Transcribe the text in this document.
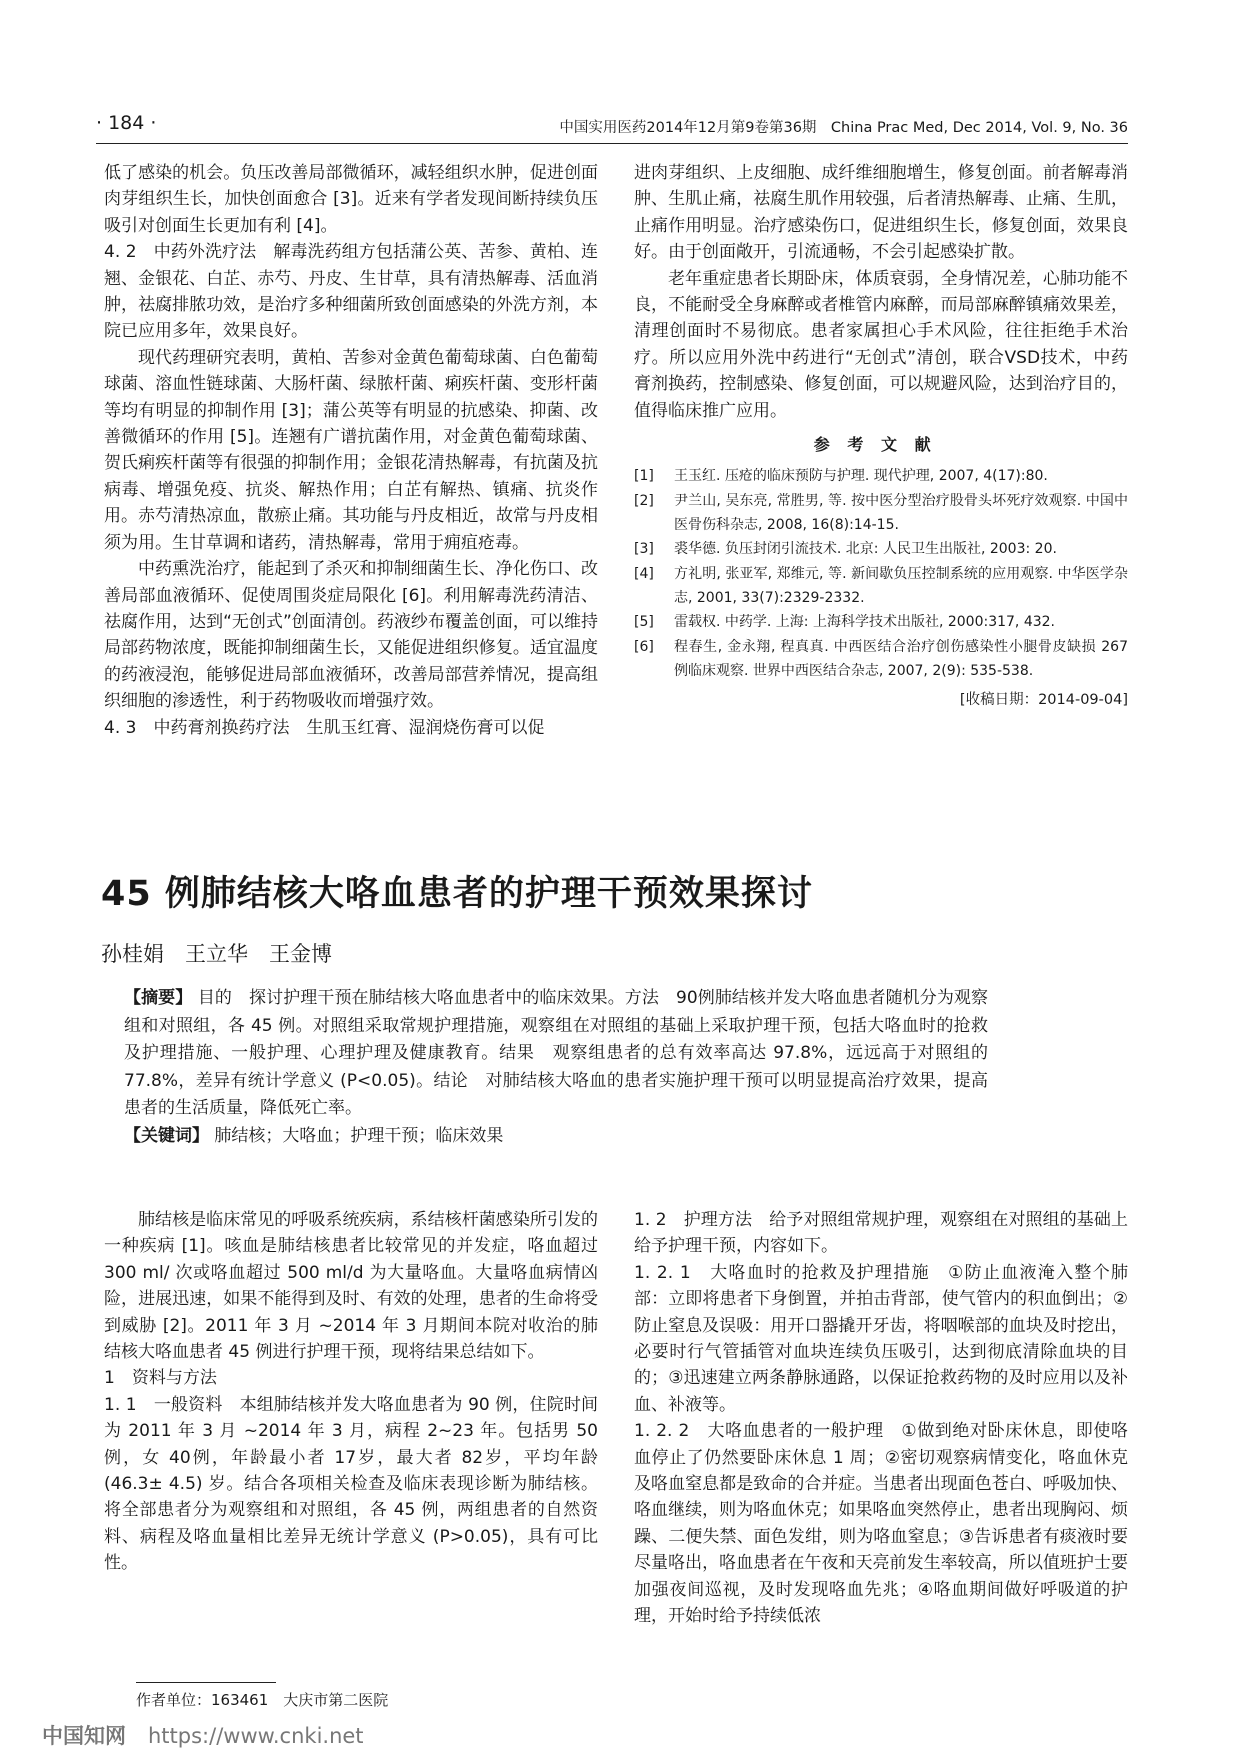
· 184 ·	中国实用医药2014年12月第9卷第36期　China Prac Med, Dec 2014, Vol. 9, No. 36

低了感染的机会。负压改善局部微循环，减轻组织水肿，促进创面肉芽组织生长，加快创面愈合 [3]。近来有学者发现间断持续负压吸引对创面生长更加有利 [4]。

4. 2　中药外洗疗法　解毒洗药组方包括蒲公英、苦参、黄柏、连翘、金银花、白芷、赤芍、丹皮、生甘草，具有清热解毒、活血消肿，祛腐排脓功效，是治疗多种细菌所致创面感染的外洗方剂，本院已应用多年，效果良好。

现代药理研究表明，黄柏、苦参对金黄色葡萄球菌、白色葡萄球菌、溶血性链球菌、大肠杆菌、绿脓杆菌、痢疾杆菌、变形杆菌等均有明显的抑制作用 [3]；蒲公英等有明显的抗感染、抑菌、改善微循环的作用 [5]。连翘有广谱抗菌作用，对金黄色葡萄球菌、贺氏痢疾杆菌等有很强的抑制作用；金银花清热解毒，有抗菌及抗病毒、增强免疫、抗炎、解热作用；白芷有解热、镇痛、抗炎作用。赤芍清热凉血，散瘀止痛。其功能与丹皮相近，故常与丹皮相须为用。生甘草调和诸药，清热解毒，常用于痈疽疮毒。

中药熏洗治疗，能起到了杀灭和抑制细菌生长、净化伤口、改善局部血液循环、促使周围炎症局限化 [6]。利用解毒洗药清洁、祛腐作用，达到“无创式”创面清创。药液纱布覆盖创面，可以维持局部药物浓度，既能抑制细菌生长，又能促进组织修复。适宜温度的药液浸泡，能够促进局部血液循环，改善局部营养情况，提高组织细胞的渗透性，利于药物吸收而增强疗效。

4. 3　中药膏剂换药疗法　生肌玉红膏、湿润烧伤膏可以促

进肉芽组织、上皮细胞、成纤维细胞增生，修复创面。前者解毒消肿、生肌止痛，祛腐生肌作用较强，后者清热解毒、止痛、生肌，止痛作用明显。治疗感染伤口，促进组织生长，修复创面，效果良好。由于创面敞开，引流通畅，不会引起感染扩散。

老年重症患者长期卧床，体质衰弱，全身情况差，心肺功能不良，不能耐受全身麻醉或者椎管内麻醉，而局部麻醉镇痛效果差，清理创面时不易彻底。患者家属担心手术风险，往往拒绝手术治疗。所以应用外洗中药进行“无创式”清创，联合VSD技术，中药膏剂换药，控制感染、修复创面，可以规避风险，达到治疗目的，值得临床推广应用。

参考文献
[1]	王玉红. 压疮的临床预防与护理. 现代护理, 2007, 4(17):80.
[2]	尹兰山, 吴东亮, 常胜男, 等. 按中医分型治疗股骨头坏死疗效观察. 中国中医骨伤科杂志, 2008, 16(8):14-15.
[3]	裘华德. 负压封闭引流技术. 北京: 人民卫生出版社, 2003: 20.
[4]	方礼明, 张亚军, 郑维元, 等. 新间歇负压控制系统的应用观察. 中华医学杂志, 2001, 33(7):2329-2332.
[5]	雷载权. 中药学. 上海: 上海科学技术出版社, 2000:317, 432.
[6]	程春生, 金永翔, 程真真. 中西医结合治疗创伤感染性小腿骨皮缺损 267 例临床观察. 世界中西医结合杂志, 2007, 2(9): 535-538.
[收稿日期：2014-09-04]
45 例肺结核大咯血患者的护理干预效果探讨
孙桂娟　王立华　王金博

【摘要】 目的　探讨护理干预在肺结核大咯血患者中的临床效果。方法　90例肺结核并发大咯血患者随机分为观察组和对照组，各 45 例。对照组采取常规护理措施，观察组在对照组的基础上采取护理干预，包括大咯血时的抢救及护理措施、一般护理、心理护理及健康教育。结果　观察组患者的总有效率高达 97.8%，远远高于对照组的 77.8%，差异有统计学意义 (P<0.05)。结论　对肺结核大咯血的患者实施护理干预可以明显提高治疗效果，提高患者的生活质量，降低死亡率。

【关键词】 肺结核；大咯血；护理干预；临床效果

肺结核是临床常见的呼吸系统疾病，系结核杆菌感染所引发的一种疾病 [1]。咳血是肺结核患者比较常见的并发症，咯血超过 300 ml/ 次或咯血超过 500 ml/d 为大量咯血。大量咯血病情凶险，进展迅速，如果不能得到及时、有效的处理，患者的生命将受到威胁 [2]。2011 年 3 月 ~2014 年 3 月期间本院对收治的肺结核大咯血患者 45 例进行护理干预，现将结果总结如下。

1　资料与方法

1. 1　一般资料　本组肺结核并发大咯血患者为 90 例，住院时间为 2011 年 3 月 ~2014 年 3 月，病程 2~23 年。包括男 50 例，女 40例，年龄最小者 17岁，最大者 82岁，平均年龄 (46.3± 4.5) 岁。结合各项相关检查及临床表现诊断为肺结核。将全部患者分为观察组和对照组，各 45 例，两组患者的自然资料、病程及咯血量相比差异无统计学意义 (P>0.05)，具有可比性。

1. 2　护理方法　给予对照组常规护理，观察组在对照组的基础上给予护理干预，内容如下。

1. 2. 1　大咯血时的抢救及护理措施　①防止血液淹入整个肺部：立即将患者下身倒置，并拍击背部，使气管内的积血倒出；②防止窒息及误吸：用开口器撬开牙齿，将咽喉部的血块及时挖出，必要时行气管插管对血块连续负压吸引，达到彻底清除血块的目的；③迅速建立两条静脉通路，以保证抢救药物的及时应用以及补血、补液等。

1. 2. 2　大咯血患者的一般护理　①做到绝对卧床休息，即使咯血停止了仍然要卧床休息 1 周；②密切观察病情变化，咯血休克及咯血窒息都是致命的合并症。当患者出现面色苍白、呼吸加快、咯血继续，则为咯血休克；如果咯血突然停止，患者出现胸闷、烦躁、二便失禁、面色发绀，则为咯血窒息；③告诉患者有痰液时要尽量咯出，咯血患者在午夜和天亮前发生率较高，所以值班护士要加强夜间巡视，及时发现咯血先兆；④咯血期间做好呼吸道的护理，开始时给予持续低浓

作者单位：163461　大庆市第二医院
中国知网 https://www.cnki.net
